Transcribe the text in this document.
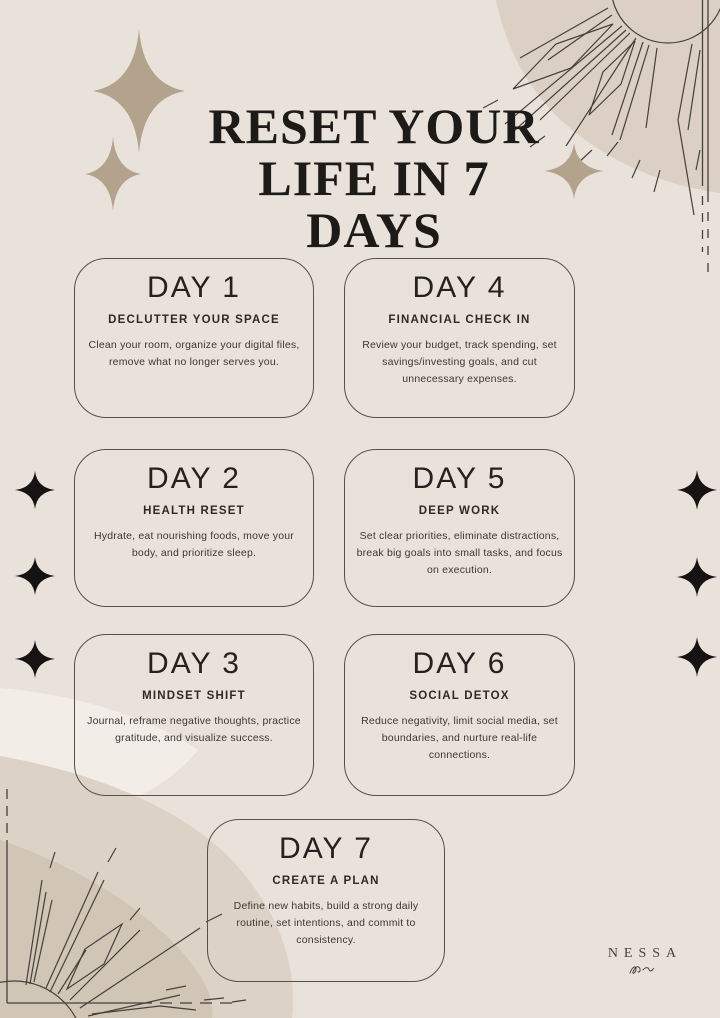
RESET YOUR
LIFE IN 7 DAYS
DAY 1
DECLUTTER YOUR SPACE
Clean your room, organize your digital files, remove what no longer serves you.
DAY 4
FINANCIAL CHECK IN
Review your budget, track spending, set savings/investing goals, and cut unnecessary expenses.
DAY 2
HEALTH RESET
Hydrate, eat nourishing foods, move your body, and prioritize sleep.
DAY 5
DEEP WORK
Set clear priorities, eliminate distractions, break big goals into small tasks, and focus on execution.
DAY 3
MINDSET SHIFT
Journal, reframe negative thoughts, practice gratitude, and visualize success.
DAY 6
SOCIAL DETOX
Reduce negativity, limit social media, set boundaries, and nurture real-life connections.
DAY 7
CREATE A PLAN
Define new habits, build a strong daily routine, set intentions, and commit to consistency.
NESSA
